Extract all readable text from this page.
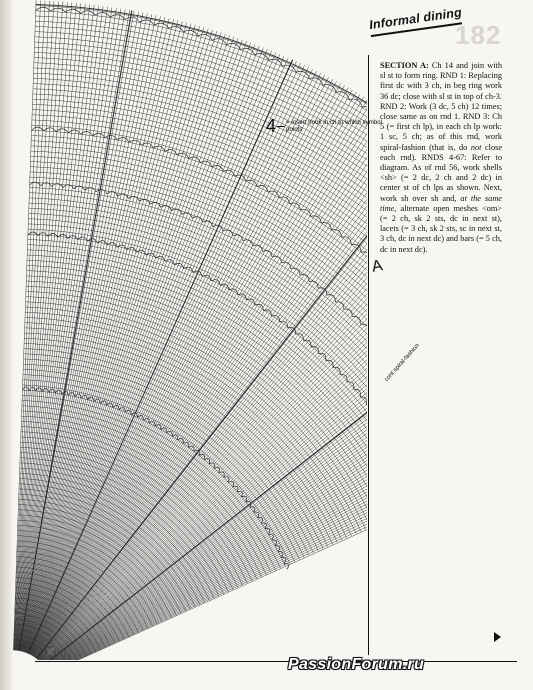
182
Informal dining
SECTION A: Ch 14 and join with sl st to form ring. RND 1: Replacing first dc with 3 ch, in beg ring work 36 dc; close with sl st in top of ch-3. RND 2: Work (3 dc, 5 ch) 12 times; close same as on rnd 1. RND 3: Ch 5 (= first ch lp), in each ch lp work: 1 sc, 5 ch; as of this rnd, work spiral-fashion (that is, do not close each rnd). RNDS 4-67: Refer to diagram. As of rnd 56, work shells <sh> (= 2 dc, 2 ch and 2 dc) in center st of ch lps as shown. Next, work sh over sh and, at the same time, alternate open meshes <om> (= 2 ch, sk 2 sts, dc in next st), lacets (= 3 ch, sk 2 sts, sc in next st, 3 ch, dc in next dc) and bars (= 5 ch, dc in next dc).
4 = insert hook in ch to which symbol points
A
cont spiral-fashion
PassionForum.ru
